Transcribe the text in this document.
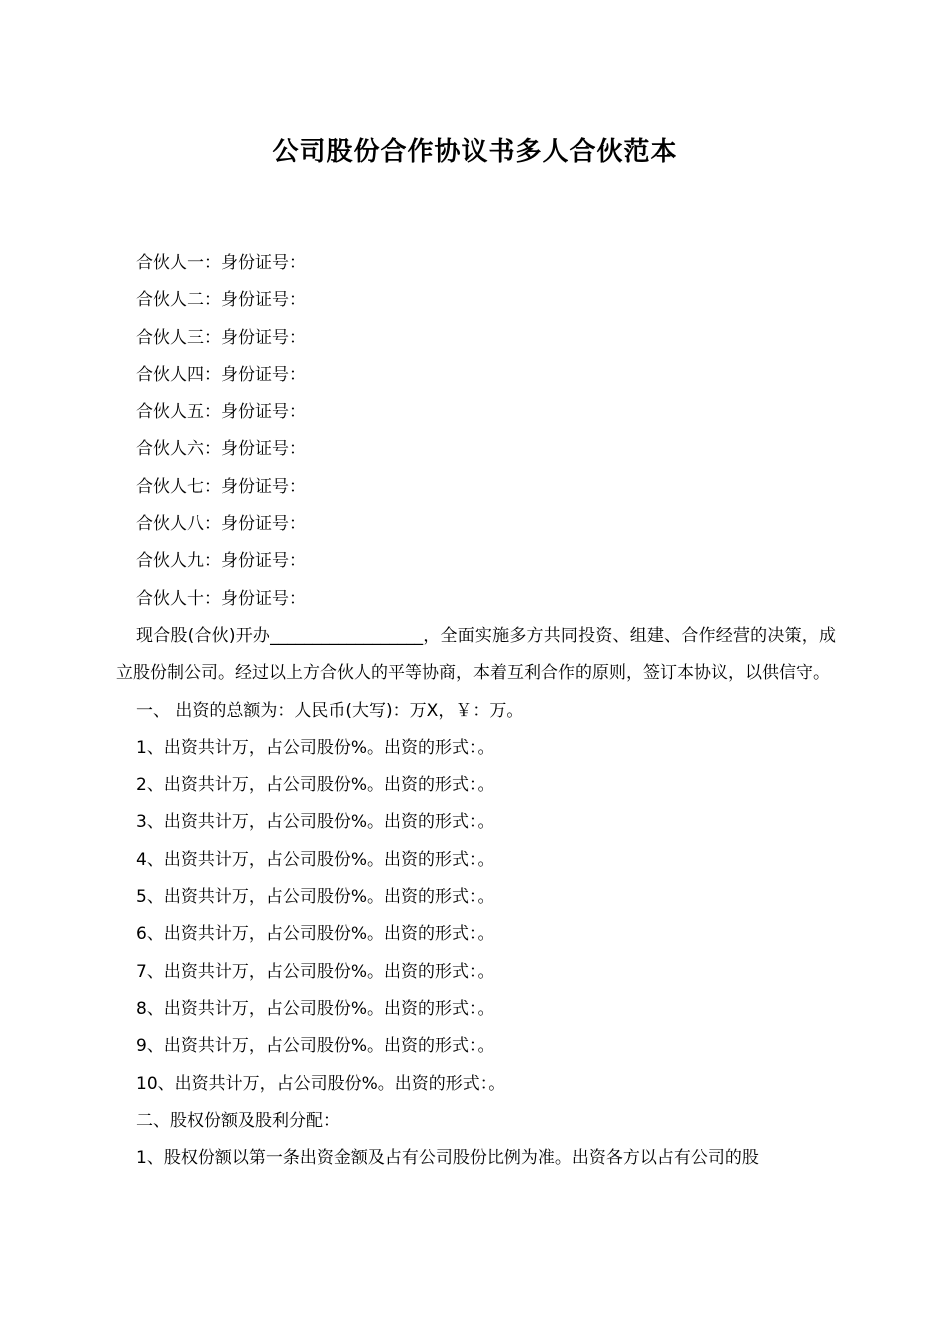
公司股份合作协议书多人合伙范本

合伙人一：身份证号：

合伙人二：身份证号：

合伙人三：身份证号：

合伙人四：身份证号：

合伙人五：身份证号：

合伙人六：身份证号：

合伙人七：身份证号：

合伙人八：身份证号：

合伙人九：身份证号：

合伙人十：身份证号：

现合股(合伙)开办__________________，全面实施多方共同投资、组建、合作经营的决策，成立股份制公司。经过以上方合伙人的平等协商，本着互利合作的原则，签订本协议，以供信守。

一、 出资的总额为：人民币(大写)：万X，￥：万。

1、出资共计万，占公司股份%。出资的形式：。

2、出资共计万，占公司股份%。出资的形式：。

3、出资共计万，占公司股份%。出资的形式：。

4、出资共计万，占公司股份%。出资的形式：。

5、出资共计万，占公司股份%。出资的形式：。

6、出资共计万，占公司股份%。出资的形式：。

7、出资共计万，占公司股份%。出资的形式：。

8、出资共计万，占公司股份%。出资的形式：。

9、出资共计万，占公司股份%。出资的形式：。

10、出资共计万，占公司股份%。出资的形式：。

二、股权份额及股利分配：

1、股权份额以第一条出资金额及占有公司股份比例为准。出资各方以占有公司的股
